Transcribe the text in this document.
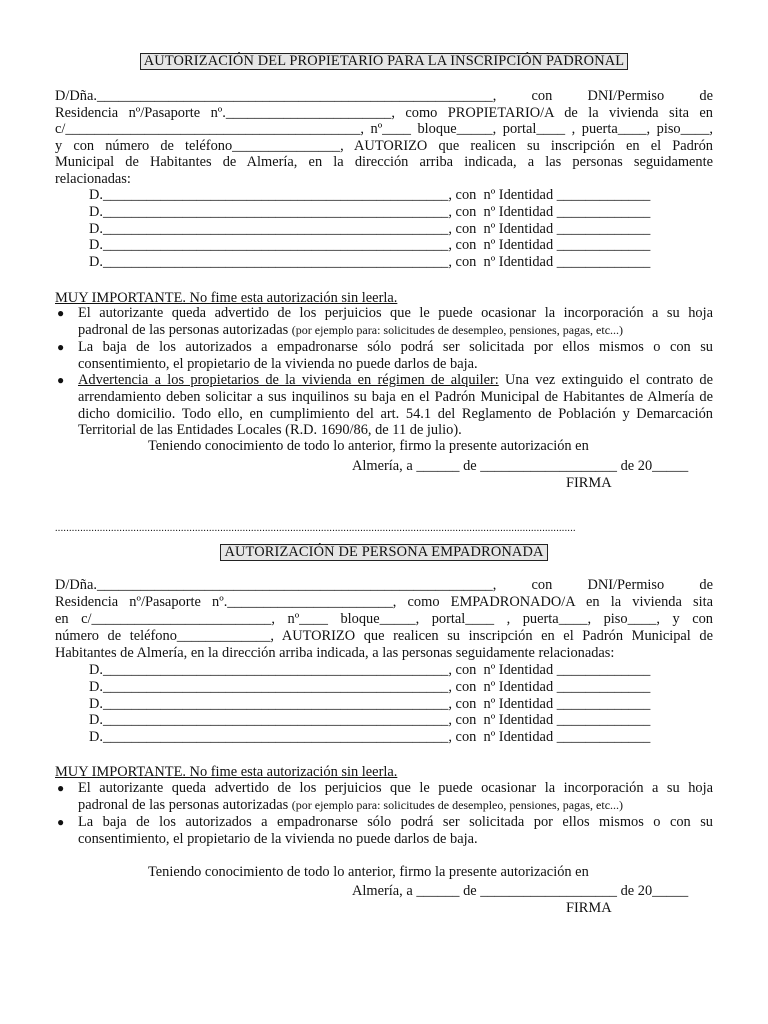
AUTORIZACIÓN DEL PROPIETARIO PARA LA INSCRIPCIÓN PADRONAL

D/Dña._______________________________________________________, con DNI/Permiso de

Residencia nº/Pasaporte nº._______________________, como PROPIETARIO/A de la vivienda sita en

c/_________________________________________, nº____ bloque_____, portal____ , puerta____, piso____,

y con número de teléfono_______________, AUTORIZO que realicen su inscripción en el Padrón

Municipal de Habitantes de Almería, en la dirección arriba indicada, a las personas seguidamente

relacionadas:

D.________________________________________________, con  nº Identidad _____________
D.________________________________________________, con  nº Identidad _____________
D.________________________________________________, con  nº Identidad _____________
D.________________________________________________, con  nº Identidad _____________
D.________________________________________________, con  nº Identidad _____________

MUY IMPORTANTE. No fime esta autorización sin leerla.

● El autorizante queda advertido de los perjuicios que le puede ocasionar la incorporación a su hoja
padronal de las personas autorizadas (por ejemplo para: solicitudes de desempleo, pensiones, pagas, etc...)
● La baja de los autorizados a empadronarse sólo podrá ser solicitada por ellos mismos o con su consentimiento, el propietario de la vivienda no puede darlos de baja.
● Advertencia a los propietarios de la vivienda en régimen de alquiler: Una vez extinguido el contrato de arrendamiento deben solicitar a sus inquilinos su baja en el Padrón Municipal de Habitantes de Almería de dicho domicilio. Todo ello, en cumplimiento del art. 54.1 del Reglamento de Población y Demarcación Territorial de las Entidades Locales (R.D. 1690/86, de 11 de julio).

Teniendo conocimiento de todo lo anterior, firmo la presente autorización en

Almería, a ______ de ___________________ de 20_____

FIRMA

..........................................................................................................................................................................................
AUTORIZACIÓN DE PERSONA EMPADRONADA

D/Dña._______________________________________________________, con DNI/Permiso de

Residencia nº/Pasaporte nº._______________________, como EMPADRONADO/A en la vivienda sita

en c/_________________________, nº____ bloque_____, portal____ , puerta____, piso____, y con

número de teléfono_____________, AUTORIZO que realicen su inscripción en el Padrón Municipal de

Habitantes de Almería, en la dirección arriba indicada, a las personas seguidamente relacionadas:

D.________________________________________________, con  nº Identidad _____________
D.________________________________________________, con  nº Identidad _____________
D.________________________________________________, con  nº Identidad _____________
D.________________________________________________, con  nº Identidad _____________
D.________________________________________________, con  nº Identidad _____________

MUY IMPORTANTE. No fime esta autorización sin leerla.

● El autorizante queda advertido de los perjuicios que le puede ocasionar la incorporación a su hoja
padronal de las personas autorizadas (por ejemplo para: solicitudes de desempleo, pensiones, pagas, etc...)
● La baja de los autorizados a empadronarse sólo podrá ser solicitada por ellos mismos o con su consentimiento, el propietario de la vivienda no puede darlos de baja.

Teniendo conocimiento de todo lo anterior, firmo la presente autorización en

Almería, a ______ de ___________________ de 20_____

FIRMA
